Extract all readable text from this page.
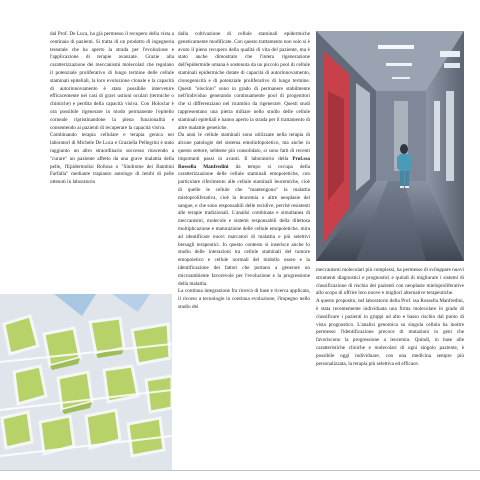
dal Prof. De Luca, ha già permesso il recupero della vista a centinaia di pazienti. Si tratta di un prodotto di ingegneria tessutale che ha aperto la strada per l'evoluzione e l'applicazione di terapie avanzate. Grazie alla caratterizzazione dei meccanismi molecolari che regolano il potenziale proliferativo di lungo termine delle cellule staminali epiteliali, la loro evoluzione clonale e la capacità di autorinnovamento è stato possibile intervenire efficacemente nei casi di gravi ustioni oculari (termiche o chimiche) e perdita della capacità visiva. Con Holoclar è ora possibile rigenerare in modo permanente l'epitelio corneale ripristinandone la piena funzionalità e consentendo ai pazienti di recuperare la capacità visiva.

Combinando terapia cellulare e terapia genica nei laboratori di Michele De Luca e Graziella Pellegrini è stato raggiunto un altro straordinario successo riuscendo a "curare" un paziente affetto da una grave malattia della pelle, l'Epidermolisi Bollosa o "Sindrome dei Bambini Farfalla" mediante trapianto autologo di lembi di pelle ottenuti in laboratorio

dalla coltivazione di cellule staminali epidermiche geneticamente modificate. Con questo trattamento non solo si è avuto il pieno recupero della qualità di vita del paziente, ma è stato anche dimostrato che l'intera rigenerazione dell'epidermide umana è sostenuta da un piccolo pool di cellule staminali epidermiche dotate di capacità di autorinnovamento, clonogenicità e di potenziale proliferativo di lungo termine. Questi "oloclonі" sono in grado di permanere stabilmente nell'individuo generando continuamente pool di progenitori che si differenziano nel ricambio da rigenerare. Questi studi rappresentano una pietra miliare nello studio delle cellule staminali epiteliali e hanno aperto la strada per il trattamento di altre malattie genetiche.

Da anni le cellule staminali sono utilizzate nella terapia di alcune patologie del sistema emolinfopoietico, ma anche in questo settore, sebbene più consolidato, si sono fatti di recenti importanti passi in avanti. Il laboratorio della Prof.ssa Rossella Manfredini da tempo si occupa della caratterizzazione delle cellule staminali emopoietiche, con particolare riferimento alle cellule staminali leucemiche, cioè di quelle le cellule che "mantengono" la malattia mieloproliferativa, cioè la leucemia o altre neoplasie del sangue, e che sono responsabili delle recidive, perché resistenti alle terapie tradizionali. L'analisi combinata e simultanea di meccanismi, molecole e sistemi responsabili della dilettosa moltiplicazione e maturazione delle cellule emopoietiche, mira ad identificare nuovi marcatori di malattia e più selettivi bersagli terapeutici. In questo contesto si inserisce anche lo studio delle interazioni tra cellule staminali del tumore emopoietico e cellule normali del midollo osseo e la identificazione dei fattori che portano a generare un microambiente favorevole per l'evoluzione e la progressione della malattia.

La continua integrazione fra ricerca di base e ricerca applicata, il ricorso a tecnologie in continua evoluzione, l'impegno nello studio dei

meccanismi molecolari più complessi, ha permesso di sviluppare nuovi strumenti diagnostici e prognostici e quindi di migliorare i sistemi di classificazione di rischio dei pazienti con neoplasie mieloproliferative allo scopo di offrire loro nuove e migliori alternative terapeutiche.

A questo proposito, nel laboratorio della Prof. ssa Rossella Manfredini, è stata recentemente individuata una firma molecolare in grado di classificare i pazienti in gruppi ad alto e basso rischio dal punto di vista prognostico. L'analisi genomica su singola cellula ha inoltre permesso l'identificazione precoce di mutazioni in geni che favoriscono la progressione a leucemia. Quindi, in base alle caratteristiche cliniche e molecolari di ogni singolo paziente, è possibile oggi individuare, con una medicina sempre più personalizzata, la terapia più selettiva ed efficace.
